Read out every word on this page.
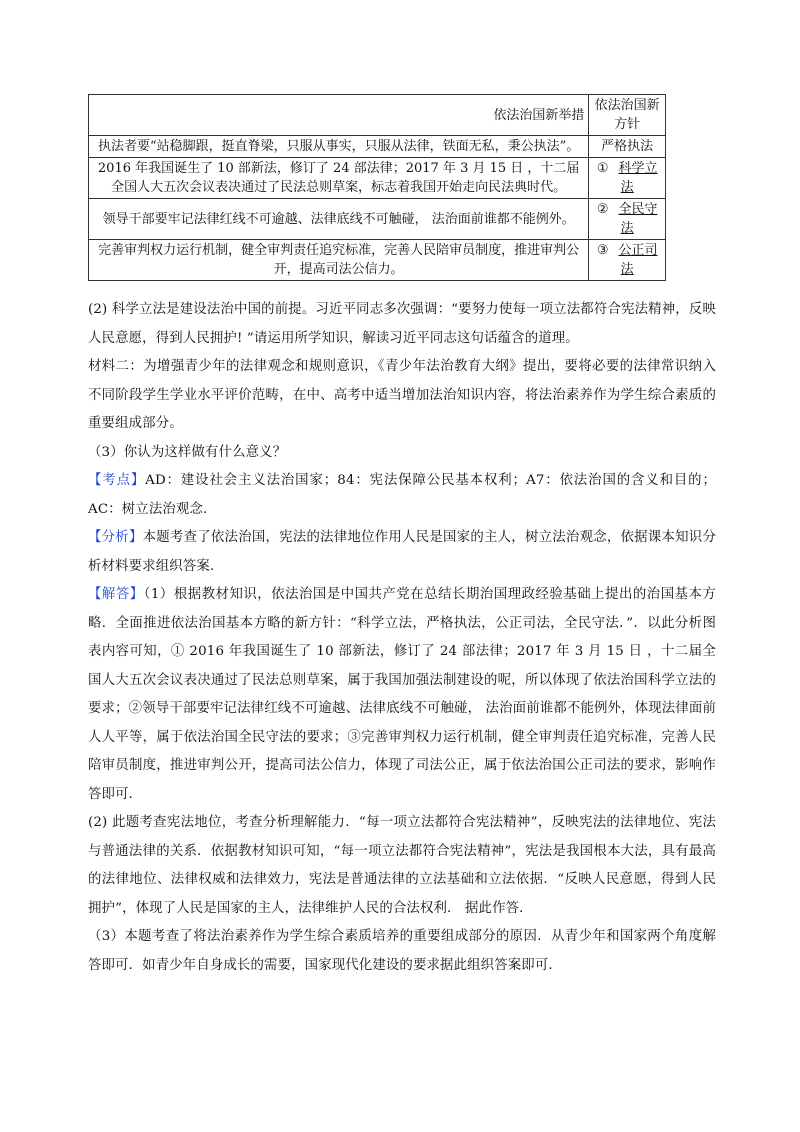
依法治国新举措	依法治国新方针
执法者要“站稳脚跟，挺直脊梁，只服从事实，只服从法律，铁面无私，秉公执法”。	严格执法
2016 年我国诞生了 10 部新法，修订了 24 部法律；2017 年 3 月 15 日 ，十二届全国人大五次会议表决通过了民法总则草案，标志着我国开始走向民法典时代。	① 科学立法
领导干部要牢记法律红线不可逾越、法律底线不可触碰， 法治面前谁都不能例外。	② 全民守法
完善审判权力运行机制，健全审判责任追究标准，完善人民陪审员制度，推进审判公开，提高司法公信力。	③ 公正司法

(2) 科学立法是建设法治中国的前提。习近平同志多次强调：“要努力使每一项立法都符合宪法精神，反映人民意愿，得到人民拥护! ”请运用所学知识，解读习近平同志这句话蕴含的道理。

材料二：为增强青少年的法律观念和规则意识，《青少年法治教育大纲》提出，要将必要的法律常识纳入不同阶段学生学业水平评价范畴，在中、高考中适当增加法治知识内容，将法治素养作为学生综合素质的重要组成部分。

（3）你认为这样做有什么意义？

【考点】AD：建设社会主义法治国家；84：宪法保障公民基本权利；A7：依法治国的含义和目的；AC：树立法治观念.

【分析】本题考查了依法治国，宪法的法律地位作用人民是国家的主人，树立法治观念，依据课本知识分析材料要求组织答案.

【解答】（1）根据教材知识，依法治国是中国共产党在总结长期治国理政经验基础上提出的治国基本方略．全面推进依法治国基本方略的新方针：“科学立法，严格执法，公正司法，全民守法．”．以此分析图表内容可知，① 2016 年我国诞生了 10 部新法，修订了 24 部法律；2017 年 3 月 15 日 ，十二届全国人大五次会议表决通过了民法总则草案，属于我国加强法制建设的呢，所以体现了依法治国科学立法的要求；②领导干部要牢记法律红线不可逾越、法律底线不可触碰， 法治面前谁都不能例外，体现法律面前人人平等，属于依法治国全民守法的要求；③完善审判权力运行机制，健全审判责任追究标准，完善人民陪审员制度，推进审判公开，提高司法公信力，体现了司法公正，属于依法治国公正司法的要求，影响作答即可．

(2) 此题考查宪法地位，考查分析理解能力．“每一项立法都符合宪法精神”，反映宪法的法律地位、宪法与普通法律的关系．依据教材知识可知，“每一项立法都符合宪法精神”，宪法是我国根本大法，具有最高的法律地位、法律权威和法律效力，宪法是普通法律的立法基础和立法依据．“反映人民意愿，得到人民拥护”，体现了人民是国家的主人，法律维护人民的合法权利． 据此作答．

（3）本题考查了将法治素养作为学生综合素质培养的重要组成部分的原因．从青少年和国家两个角度解答即可．如青少年自身成长的需要，国家现代化建设的要求据此组织答案即可．
